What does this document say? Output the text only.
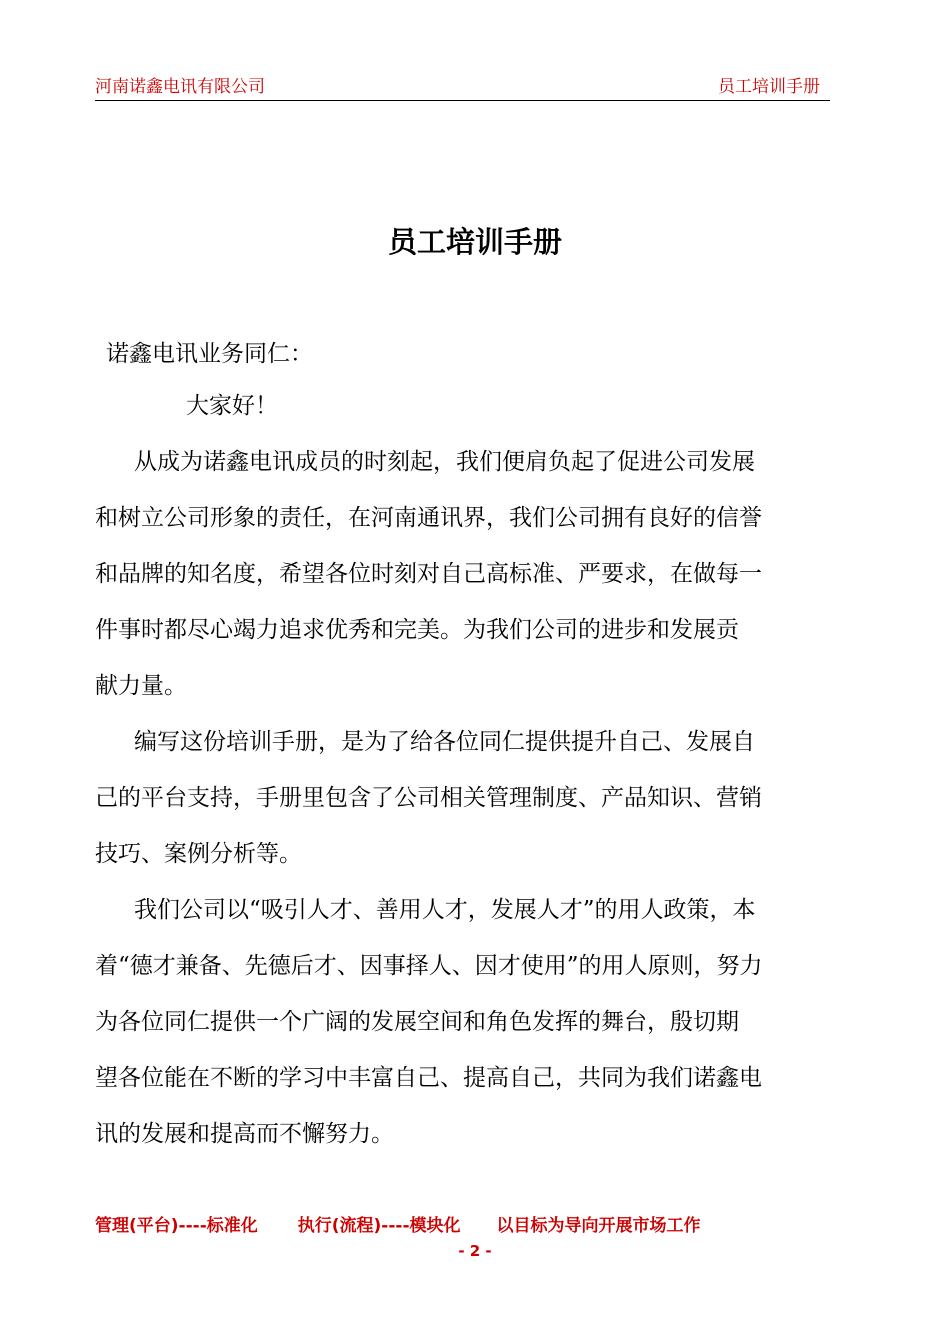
河南诺鑫电讯有限公司	员工培训手册
员工培训手册
诺鑫电讯业务同仁：
大家好！
从成为诺鑫电讯成员的时刻起，我们便肩负起了促进公司发展
和树立公司形象的责任，在河南通讯界，我们公司拥有良好的信誉
和品牌的知名度，希望各位时刻对自己高标准、严要求，在做每一
件事时都尽心竭力追求优秀和完美。为我们公司的进步和发展贡
献力量。
编写这份培训手册，是为了给各位同仁提供提升自己、发展自
己的平台支持，手册里包含了公司相关管理制度、产品知识、营销
技巧、案例分析等。
我们公司以“吸引人才、善用人才，发展人才”的用人政策，本
着“德才兼备、先德后才、因事择人、因才使用”的用人原则，努力
为各位同仁提供一个广阔的发展空间和角色发挥的舞台，殷切期
望各位能在不断的学习中丰富自己、提高自己，共同为我们诺鑫电
讯的发展和提高而不懈努力。
管理(平台)----标准化 执行(流程)----模块化 以目标为导向开展市场工作
- 2 -
